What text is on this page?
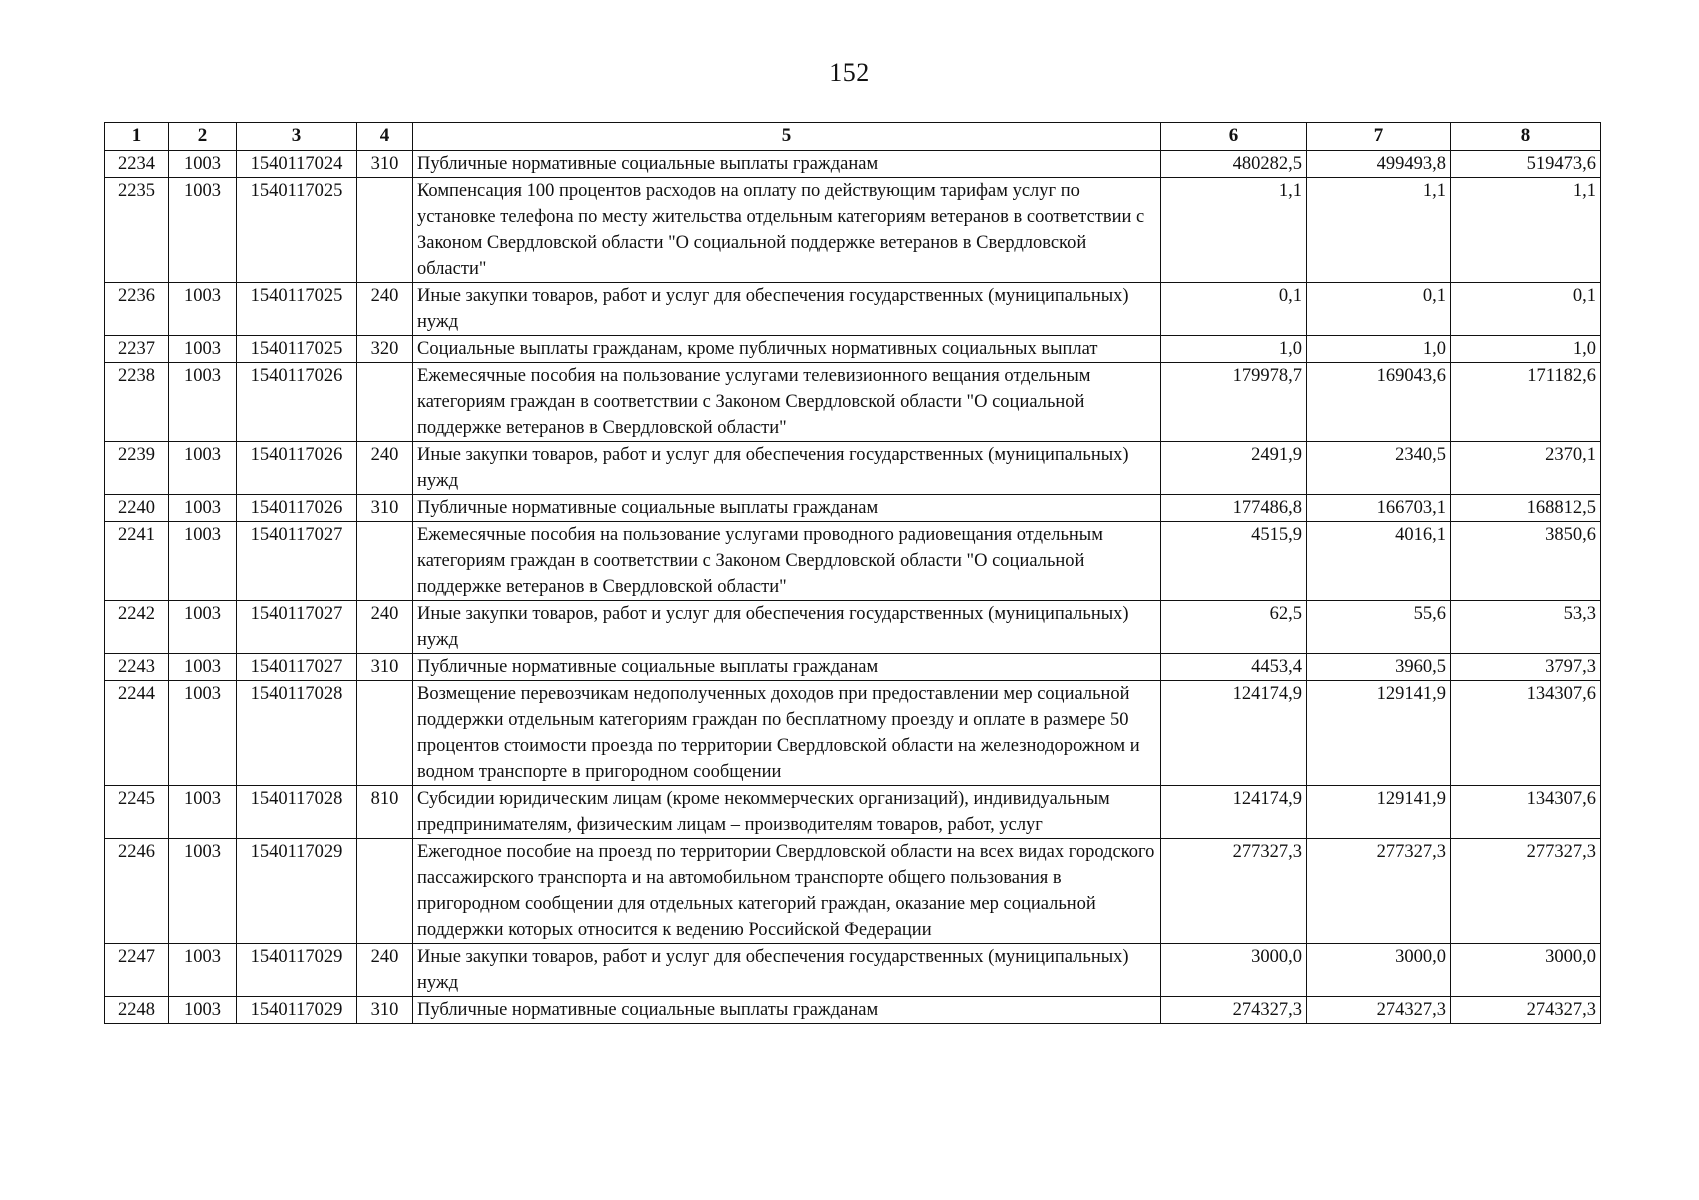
152
1	2	3	4	5	6	7	8
2234	1003	1540117024	310	Публичные нормативные социальные выплаты гражданам	480282,5	499493,8	519473,6
2235	1003	1540117025		Компенсация 100 процентов расходов на оплату по действующим тарифам услуг по установке телефона по месту жительства отдельным категориям ветеранов в соответствии с Законом Свердловской области "О социальной поддержке ветеранов в Свердловской области"	1,1	1,1	1,1
2236	1003	1540117025	240	Иные закупки товаров, работ и услуг для обеспечения государственных (муниципальных) нужд	0,1	0,1	0,1
2237	1003	1540117025	320	Социальные выплаты гражданам, кроме публичных нормативных социальных выплат	1,0	1,0	1,0
2238	1003	1540117026		Ежемесячные пособия на пользование услугами телевизионного вещания отдельным категориям граждан в соответствии с Законом Свердловской области "О социальной поддержке ветеранов в Свердловской области"	179978,7	169043,6	171182,6
2239	1003	1540117026	240	Иные закупки товаров, работ и услуг для обеспечения государственных (муниципальных) нужд	2491,9	2340,5	2370,1
2240	1003	1540117026	310	Публичные нормативные социальные выплаты гражданам	177486,8	166703,1	168812,5
2241	1003	1540117027		Ежемесячные пособия на пользование услугами проводного радиовещания отдельным категориям граждан в соответствии с Законом Свердловской области "О социальной поддержке ветеранов в Свердловской области"	4515,9	4016,1	3850,6
2242	1003	1540117027	240	Иные закупки товаров, работ и услуг для обеспечения государственных (муниципальных) нужд	62,5	55,6	53,3
2243	1003	1540117027	310	Публичные нормативные социальные выплаты гражданам	4453,4	3960,5	3797,3
2244	1003	1540117028		Возмещение перевозчикам недополученных доходов при предоставлении мер социальной поддержки отдельным категориям граждан по бесплатному проезду и оплате в размере 50 процентов стоимости проезда по территории Свердловской области на железнодорожном и водном транспорте в пригородном сообщении	124174,9	129141,9	134307,6
2245	1003	1540117028	810	Субсидии юридическим лицам (кроме некоммерческих организаций), индивидуальным предпринимателям, физическим лицам – производителям товаров, работ, услуг	124174,9	129141,9	134307,6
2246	1003	1540117029		Ежегодное пособие на проезд по территории Свердловской области на всех видах городского пассажирского транспорта и на автомобильном транспорте общего пользования в пригородном сообщении для отдельных категорий граждан, оказание мер социальной поддержки которых относится к ведению Российской Федерации	277327,3	277327,3	277327,3
2247	1003	1540117029	240	Иные закупки товаров, работ и услуг для обеспечения государственных (муниципальных) нужд	3000,0	3000,0	3000,0
2248	1003	1540117029	310	Публичные нормативные социальные выплаты гражданам	274327,3	274327,3	274327,3
